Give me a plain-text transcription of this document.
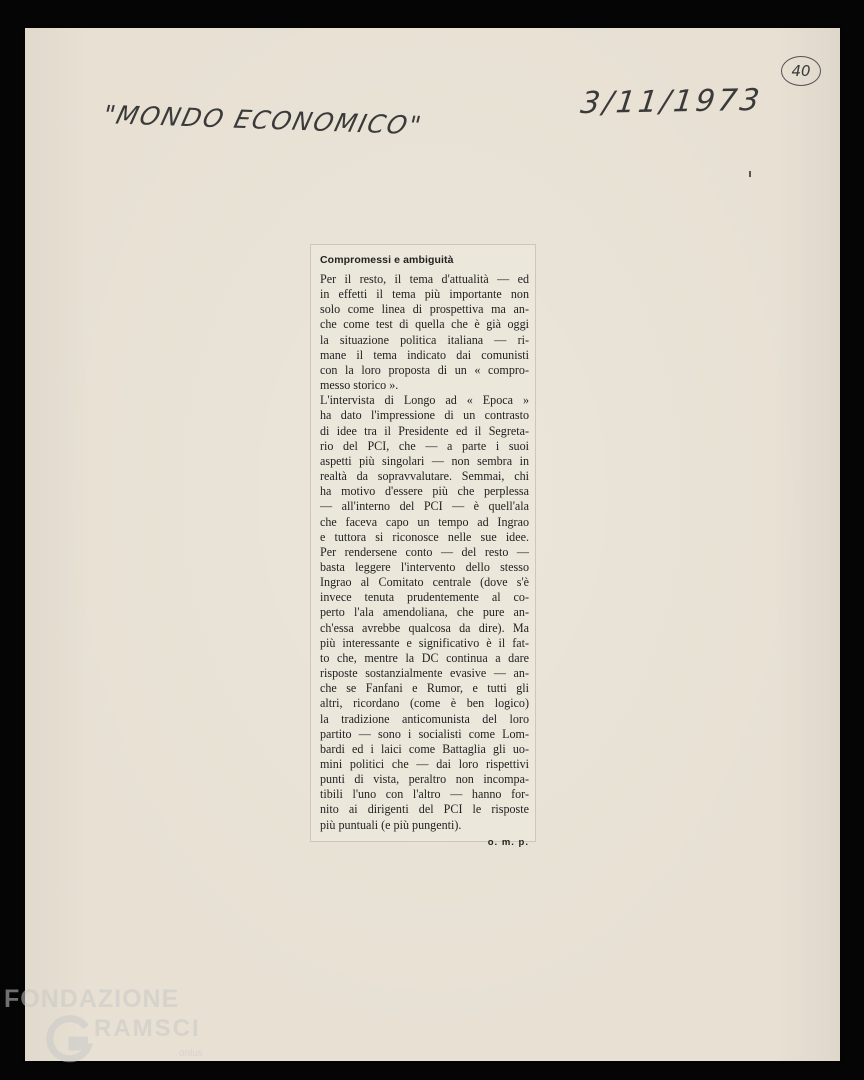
"MONDO ECONOMICO"	3/11/1973
40
Compromessi e ambiguità
Per il resto, il tema d'attualità — ed
in effetti il tema più importante non
solo come linea di prospettiva ma an-
che come test di quella che è già oggi
la situazione politica italiana — ri-
mane il tema indicato dai comunisti
con la loro proposta di un « compro-
messo storico ».
L'intervista di Longo ad « Epoca »
ha dato l'impressione di un contrasto
di idee tra il Presidente ed il Segreta-
rio del PCI, che — a parte i suoi
aspetti più singolari — non sembra in
realtà da sopravvalutare. Semmai, chi
ha motivo d'essere più che perplessa
— all'interno del PCI — è quell'ala
che faceva capo un tempo ad Ingrao
e tuttora si riconosce nelle sue idee.
Per rendersene conto — del resto —
basta leggere l'intervento dello stesso
Ingrao al Comitato centrale (dove s'è
invece tenuta prudentemente al co-
perto l'ala amendoliana, che pure an-
ch'essa avrebbe qualcosa da dire). Ma
più interessante e significativo è il fat-
to che, mentre la DC continua a dare
risposte sostanzialmente evasive — an-
che se Fanfani e Rumor, e tutti gli
altri, ricordano (come è ben logico)
la tradizione anticomunista del loro
partito — sono i socialisti come Lom-
bardi ed i laici come Battaglia gli uo-
mini politici che — dai loro rispettivi
punti di vista, peraltro non incompa-
tibili l'uno con l'altro — hanno for-
nito ai dirigenti del PCI le risposte
più puntuali (e più pungenti).
o. m. p.
FONDAZIONE
RAMSCI
onlus
